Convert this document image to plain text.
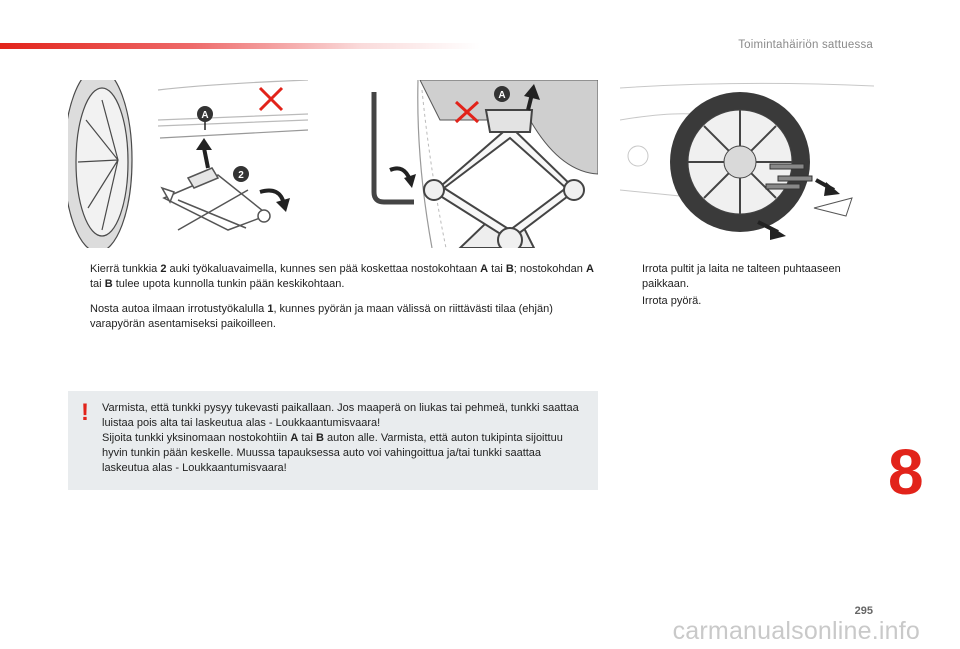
Toimintahäiriön sattuessa
A
2
A
Kierrä tunkkia 2 auki työkaluavaimella, kunnes sen pää koskettaa nostokohtaan A tai B; nostokohdan A tai B tulee upota kunnolla tunkin pään keskikohtaan.
Nosta autoa ilmaan irrotustyökalulla 1, kunnes pyörän ja maan välissä on riittävästi tilaa (ehjän) varapyörän asentamiseksi paikoilleen.
Irrota pultit ja laita ne talteen puhtaaseen paikkaan.
Irrota pyörä.
! Varmista, että tunkki pysyy tukevasti paikallaan. Jos maaperä on liukas tai pehmeä, tunkki saattaa luistaa pois alta tai laskeutua alas - Loukkaantumisvaara!
Sijoita tunkki yksinomaan nostokohtiin A tai B auton alle. Varmista, että auton tukipinta sijoittuu hyvin tunkin pään keskelle. Muussa tapauksessa auto voi vahingoittua ja/tai tunkki saattaa laskeutua alas - Loukkaantumisvaara!	8
295
carmanualsonline.info
